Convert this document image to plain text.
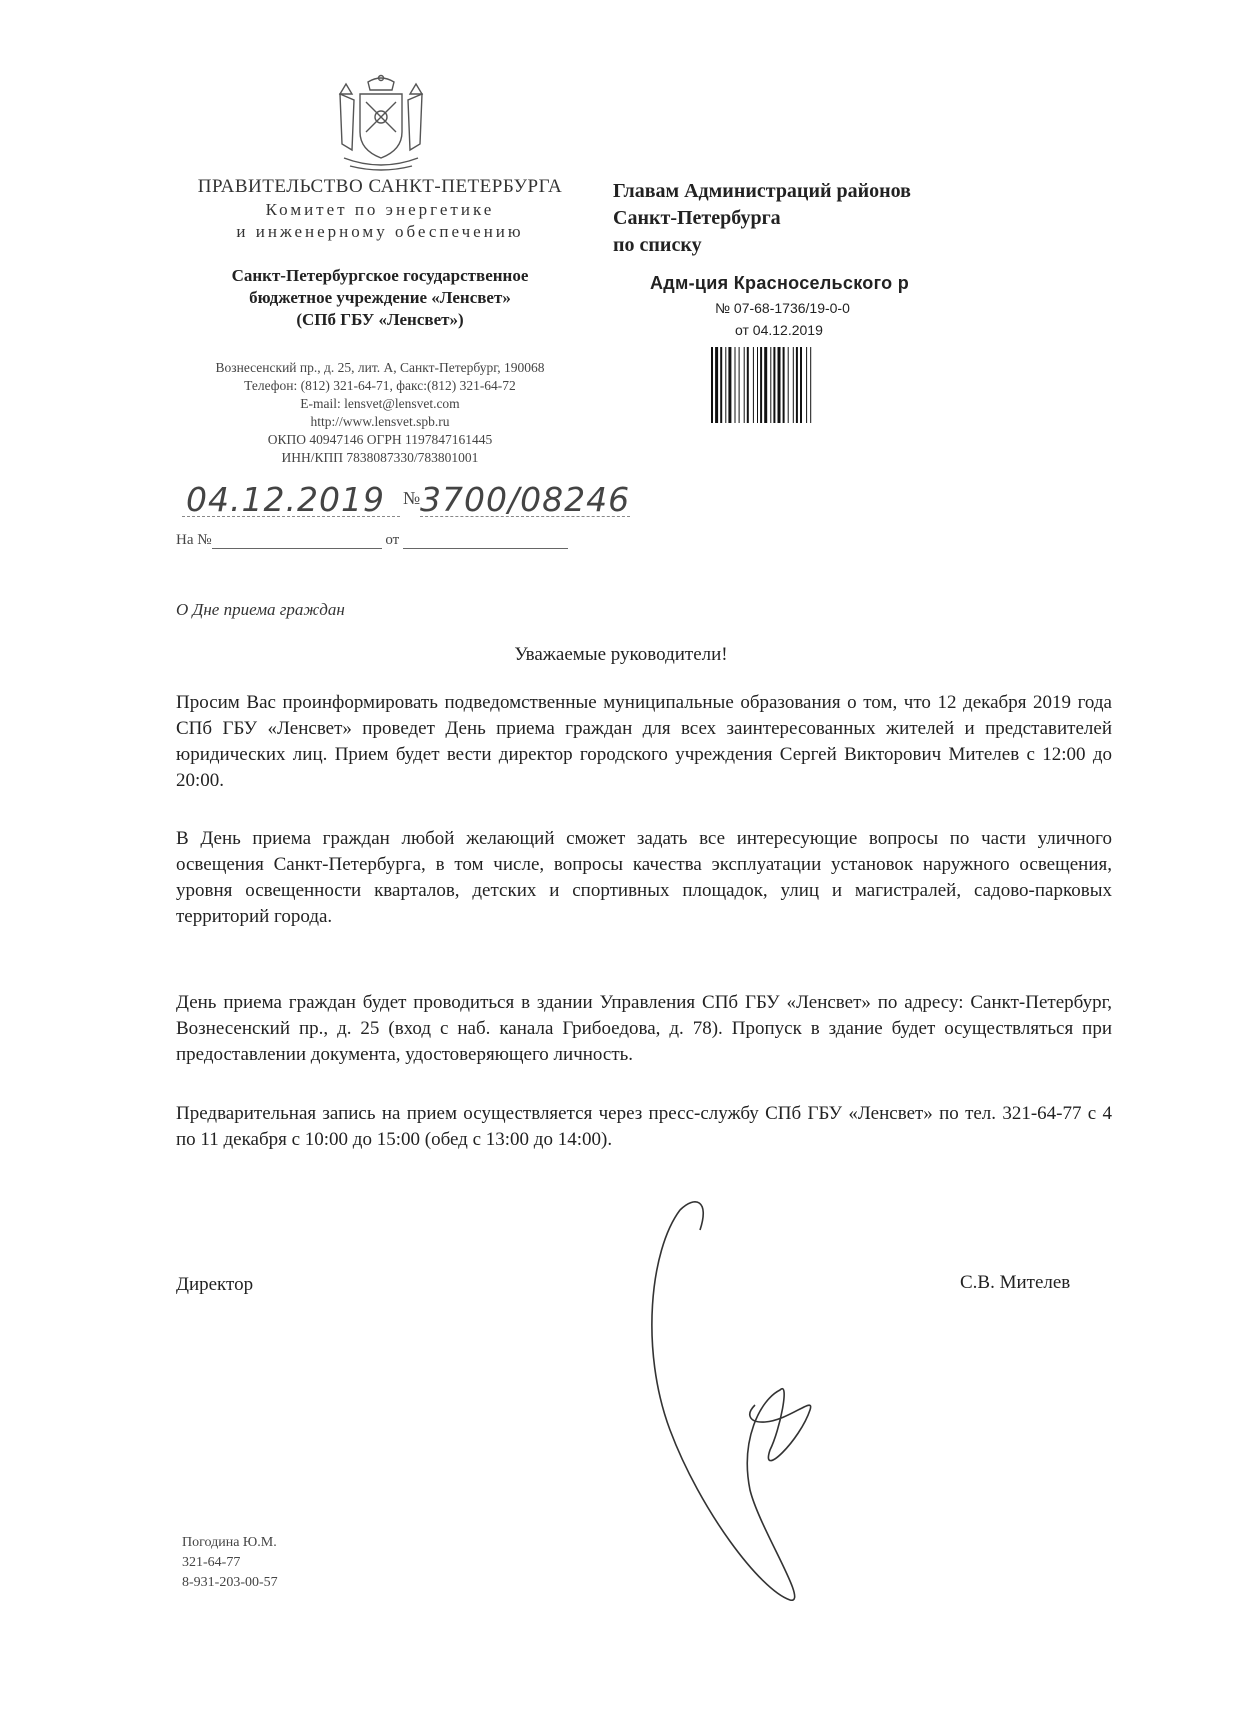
ПРАВИТЕЛЬСТВО САНКТ-ПЕТЕРБУРГА
Комитет по энергетике
и инженерному обеспечению
Санкт-Петербургское государственное
бюджетное учреждение «Ленсвет»
(СПб ГБУ «Ленсвет»)
Вознесенский пр., д. 25, лит. А, Санкт-Петербург, 190068
Телефон: (812) 321-64-71, факс:(812) 321-64-72
E-mail: lensvet@lensvet.com
http://www.lensvet.spb.ru
ОКПО 40947146 ОГРН 1197847161445
ИНН/КПП 7838087330/783801001
04.12.2019 № 3700/08246
На №	от
Главам Администраций районов
Санкт-Петербурга
по списку
Адм-ция Красносельского р
№ 07-68-1736/19-0-0
от 04.12.2019
О Дне приема граждан
Уважаемые руководители!
Просим Вас проинформировать подведомственные муниципальные образования о том, что 12 декабря 2019 года СПб ГБУ «Ленсвет» проведет День приема граждан для всех заинтересованных жителей и представителей юридических лиц. Прием будет вести директор городского учреждения Сергей Викторович Мителев с 12:00 до 20:00.
В День приема граждан любой желающий сможет задать все интересующие вопросы по части уличного освещения Санкт-Петербурга, в том числе, вопросы качества эксплуатации установок наружного освещения, уровня освещенности кварталов, детских и спортивных площадок, улиц и магистралей, садово-парковых территорий города.
День приема граждан будет проводиться в здании Управления СПб ГБУ «Ленсвет» по адресу: Санкт-Петербург, Вознесенский пр., д. 25 (вход с наб. канала Грибоедова, д. 78). Пропуск в здание будет осуществляться при предоставлении документа, удостоверяющего личность.
Предварительная запись на прием осуществляется через пресс-службу СПб ГБУ «Ленсвет» по тел. 321-64-77 с 4 по 11 декабря с 10:00 до 15:00 (обед с 13:00 до 14:00).
Директор	С.В. Мителев
Погодина Ю.М.
321-64-77
8-931-203-00-57
